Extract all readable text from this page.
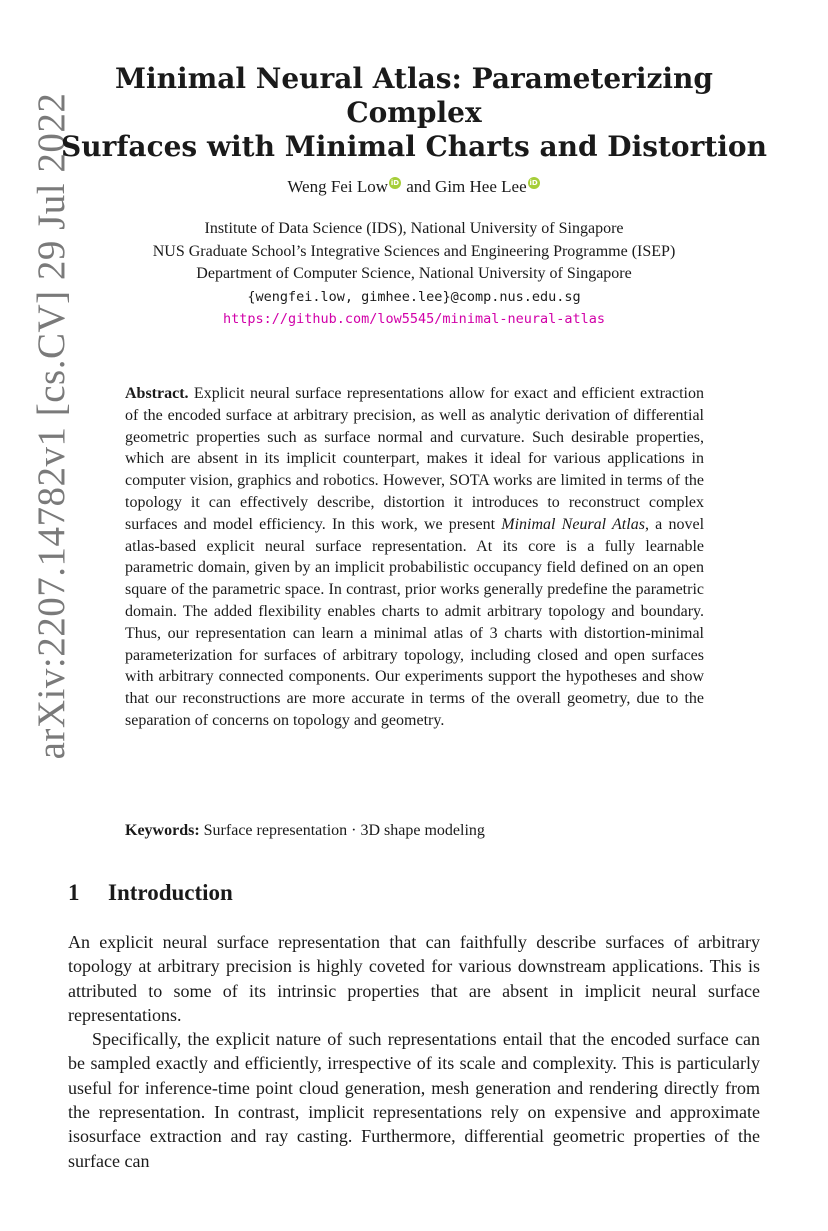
arXiv:2207.14782v1 [cs.CV] 29 Jul 2022
Minimal Neural Atlas: Parameterizing Complex
Surfaces with Minimal Charts and Distortion
Weng Fei Low iD and Gim Hee Lee iD
Institute of Data Science (IDS), National University of Singapore
NUS Graduate School’s Integrative Sciences and Engineering Programme (ISEP)
Department of Computer Science, National University of Singapore
{wengfei.low, gimhee.lee}@comp.nus.edu.sg
https://github.com/low5545/minimal-neural-atlas
Abstract. Explicit neural surface representations allow for exact and efficient extraction of the encoded surface at arbitrary precision, as well as analytic derivation of differential geometric properties such as surface normal and curvature. Such desirable properties, which are absent in its implicit counterpart, makes it ideal for various applications in computer vision, graphics and robotics. However, SOTA works are limited in terms of the topology it can effectively describe, distortion it introduces to reconstruct complex surfaces and model efficiency. In this work, we present Minimal Neural Atlas, a novel atlas-based explicit neural surface representation. At its core is a fully learnable parametric domain, given by an implicit probabilistic occupancy field defined on an open square of the parametric space. In contrast, prior works generally predefine the parametric domain. The added flexibility enables charts to admit arbitrary topology and boundary. Thus, our representation can learn a minimal atlas of 3 charts with distortion-minimal parameterization for surfaces of arbitrary topology, including closed and open surfaces with arbitrary connected components. Our experiments support the hypotheses and show that our reconstructions are more accurate in terms of the overall geometry, due to the separation of concerns on topology and geometry.
Keywords: Surface representation · 3D shape modeling
1 Introduction

An explicit neural surface representation that can faithfully describe surfaces of arbitrary topology at arbitrary precision is highly coveted for various downstream applications. This is attributed to some of its intrinsic properties that are absent in implicit neural surface representations.

Specifically, the explicit nature of such representations entail that the encoded surface can be sampled exactly and efficiently, irrespective of its scale and complexity. This is particularly useful for inference-time point cloud generation, mesh generation and rendering directly from the representation. In contrast, implicit representations rely on expensive and approximate isosurface extraction and ray casting. Furthermore, differential geometric properties of the surface can
